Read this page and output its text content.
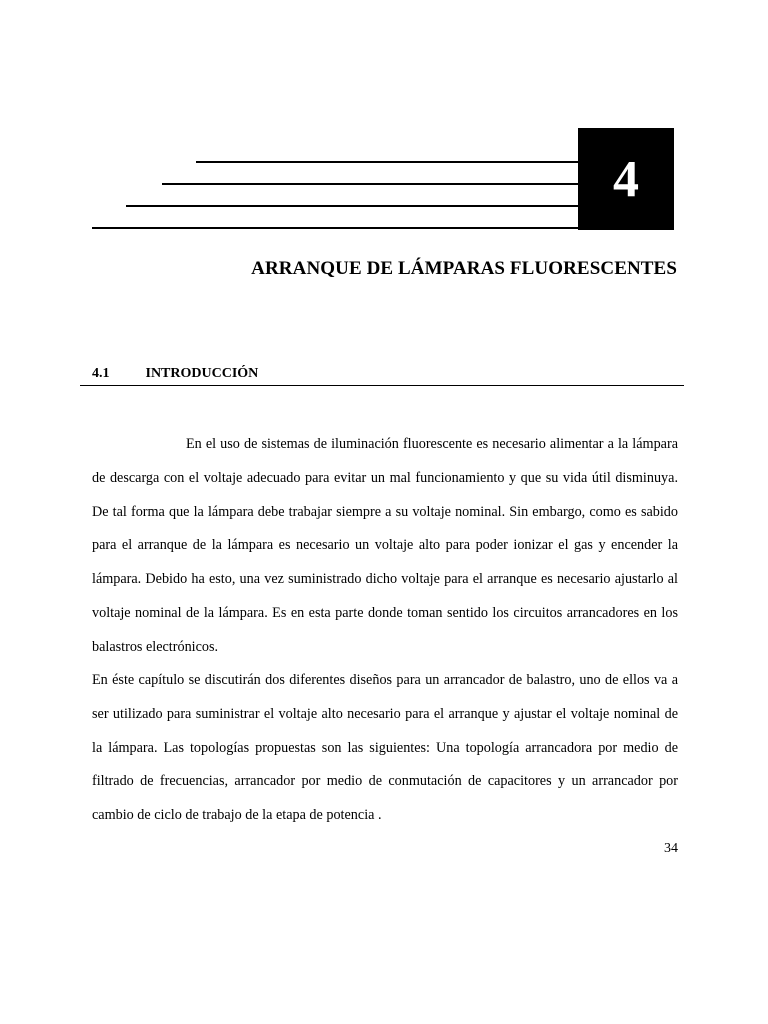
4
ARRANQUE DE LÁMPARAS FLUORESCENTES
4.1	INTRODUCCIÓN

En el uso de sistemas de iluminación fluorescente es necesario alimentar a la lámpara de descarga con el voltaje adecuado para evitar un mal funcionamiento y que su vida útil disminuya. De tal forma que la lámpara debe trabajar siempre a su voltaje nominal. Sin embargo, como es sabido para el arranque de la lámpara es necesario un voltaje alto para poder ionizar el gas y encender la lámpara. Debido ha esto, una vez suministrado dicho voltaje para el arranque es necesario ajustarlo al voltaje nominal de la lámpara. Es en esta parte donde toman sentido los circuitos arrancadores en los balastros electrónicos.

En éste capítulo se discutirán dos diferentes diseños para un arrancador de balastro, uno de ellos va a ser utilizado para suministrar el voltaje alto necesario para el arranque y ajustar el voltaje nominal de la lámpara. Las topologías propuestas son las siguientes: Una topología arrancadora por medio de filtrado de frecuencias, arrancador por medio de conmutación de capacitores y un arrancador por cambio de ciclo de trabajo de la etapa de potencia .

34
